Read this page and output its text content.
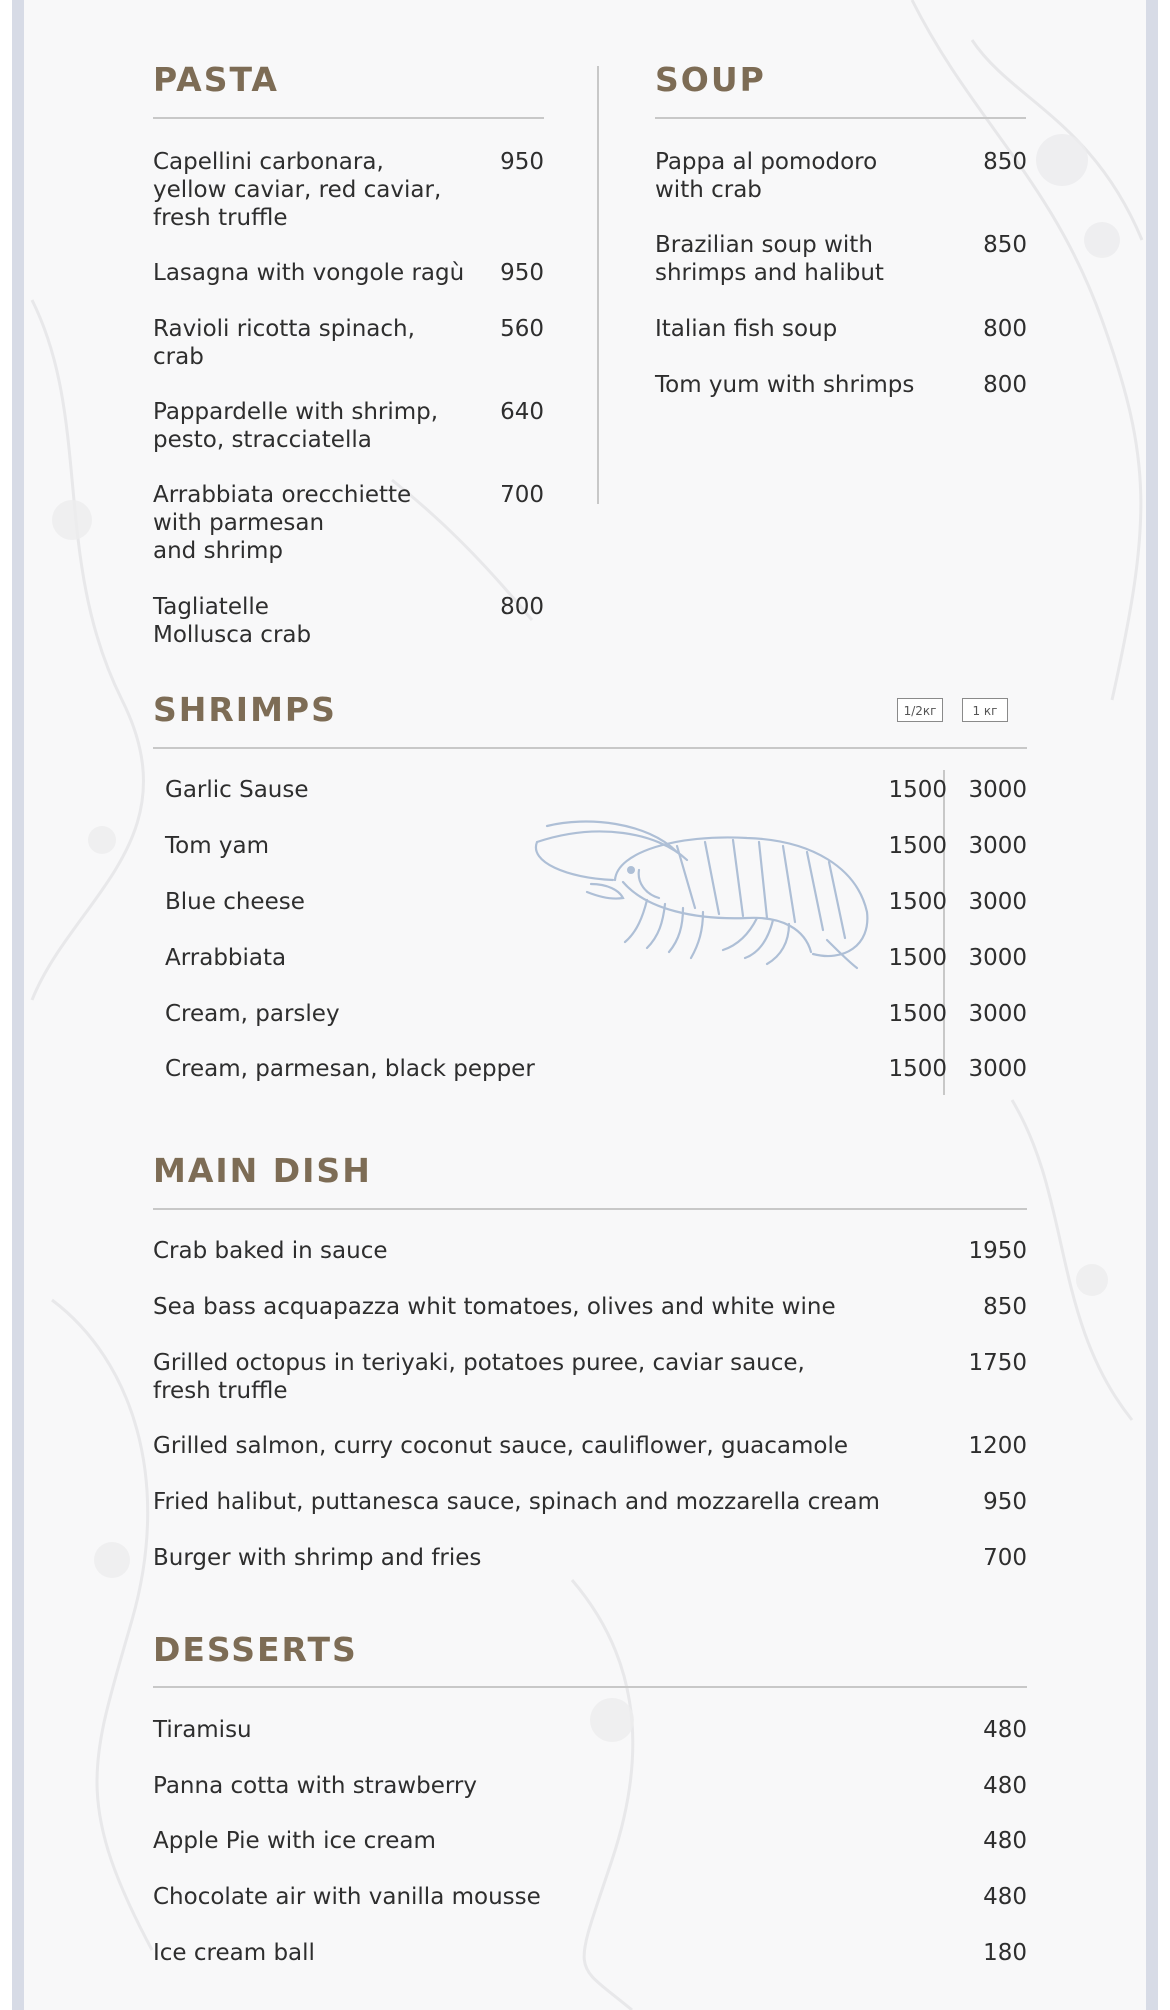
PASTA
Capellini carbonara,
yellow caviar, red caviar,
fresh truffle
950
Lasagna with vongole ragù 950
Ravioli ricotta spinach,
crab
560
Pappardelle with shrimp,
pesto, stracciatella
640
Arrabbiata orecchiette
with parmesan
and shrimp
700
Tagliatelle
Mollusca crab
800
SOUP
Pappa al pomodoro
with crab
850
Brazilian soup with
shrimps and halibut
850
Italian fish soup	800
Tom yum with shrimps	800
SHRIMPS	1/2кг	1 кг
Garlic Sause	1500 3000
Tom yam	1500 3000
Blue cheese	1500 3000
Arrabbiata	1500 3000
Cream, parsley	1500 3000
Cream, parmesan, black pepper	1500 3000
MAIN DISH
Crab baked in sauce	1950
Sea bass acquapazza whit tomatoes, olives and white wine	850
Grilled octopus in teriyaki, potatoes puree, caviar sauce,
fresh truffle
1750
Grilled salmon, curry coconut sauce, cauliflower, guacamole	1200
Fried halibut, puttanesca sauce, spinach and mozzarella cream	950
Burger with shrimp and fries	700
DESSERTS
Tiramisu	480
Panna cotta with strawberry	480
Apple Pie with ice cream	480
Chocolate air with vanilla mousse	480
Ice cream ball	180
